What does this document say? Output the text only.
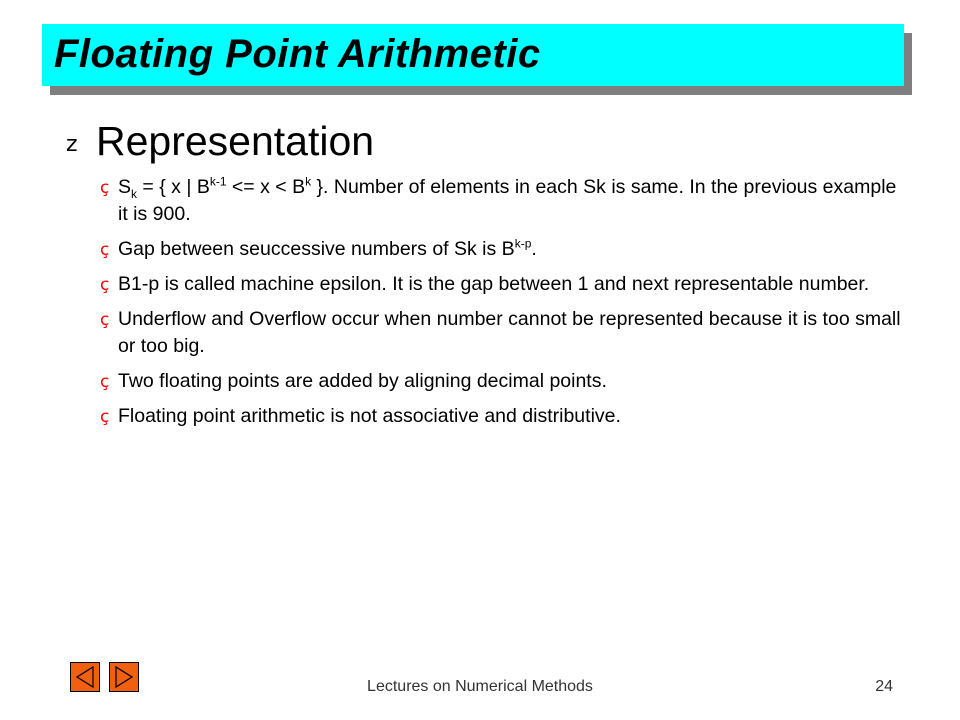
Floating Point Arithmetic
z Representation
ç $S_k$ = { x | $B^{k-1} <= x < B^k$ }. Number of elements in each Sk is same. In the previous example it is 900.
ç Gap between seuccessive numbers of Sk is $B^{k-p}$.
ç B1-p is called machine epsilon. It is the gap between 1 and next representable number.
ç Underflow and Overflow occur when number cannot be represented because it is too small or too big.
ç Two floating points are added by aligning decimal points.
ç Floating point arithmetic is not associative and distributive.
Lectures on Numerical Methods	24
